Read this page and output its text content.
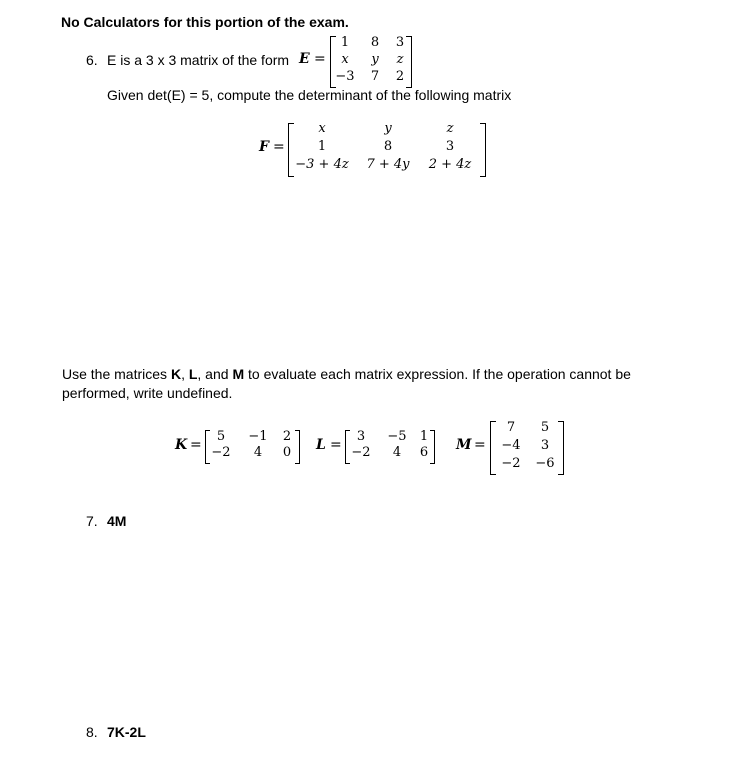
No Calculators for this portion of the exam.
6. E is a 3 x 3 matrix of the form E =
1	8	3
x	y	z
−3	7	2
Given det(E) = 5, compute the determinant of the following matrix
F =
x	y	z
1	8	3
−3 + 4z	7 + 4y	2 + 4z
Use the matrices K, L, and M to evaluate each matrix expression. If the operation cannot be
performed, write undefined.
K =
5	−1	2
−2	4	0	L =
3	−5	1
−2	4	6	M =
7	5
−4	3
−2	−6
7. 4M
8. 7K-2L
